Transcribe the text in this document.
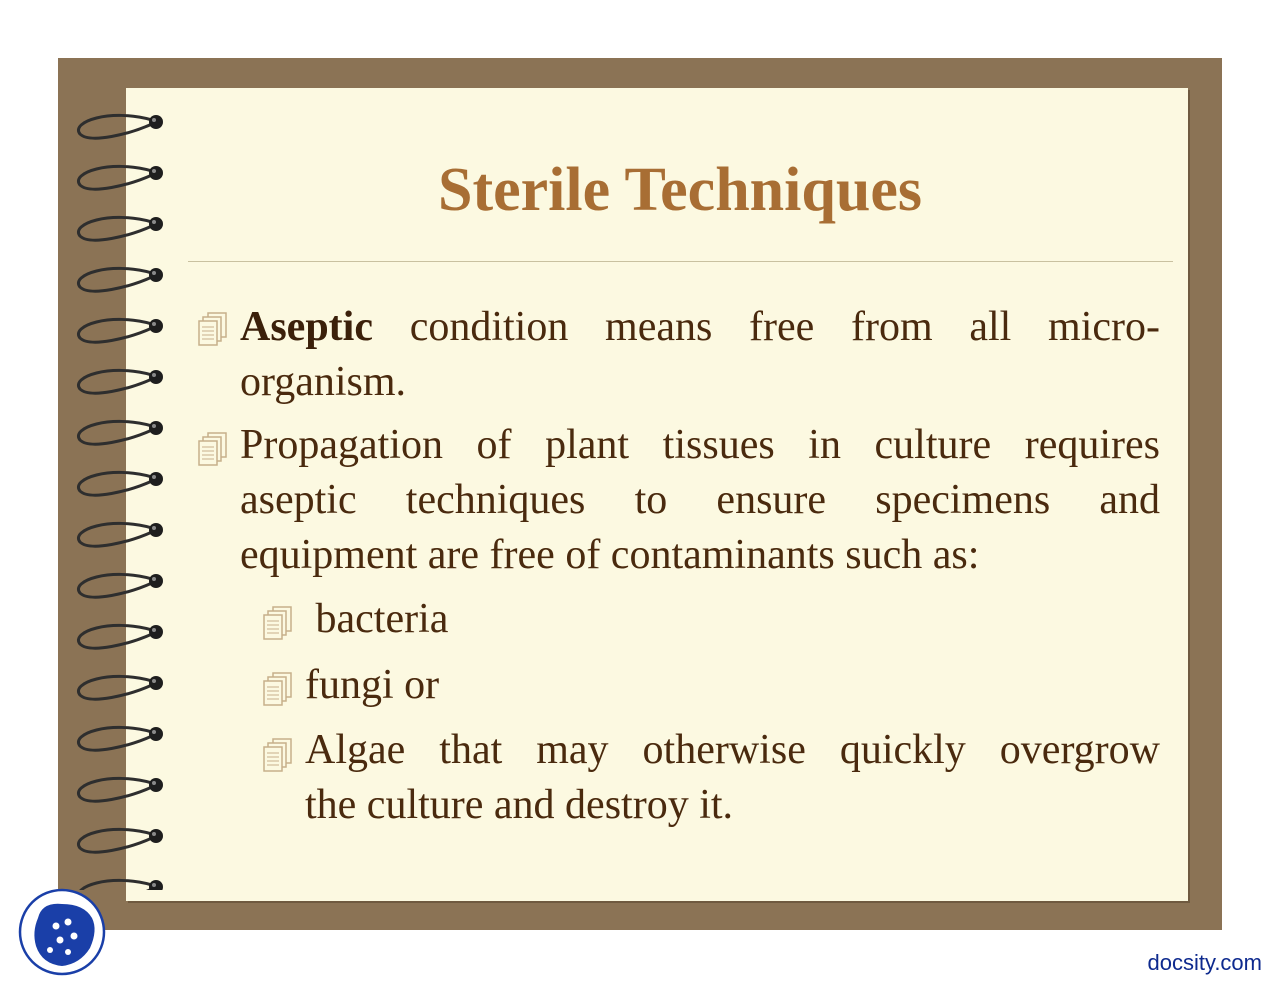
Sterile Techniques

Aseptic condition means free from all micro-
organism.

Propagation of plant tissues in culture requires
aseptic techniques to ensure specimens and
equipment are free of contaminants such as:

bacteria

fungi or

Algae that may otherwise quickly overgrow
the culture and destroy it.

docsity.com
